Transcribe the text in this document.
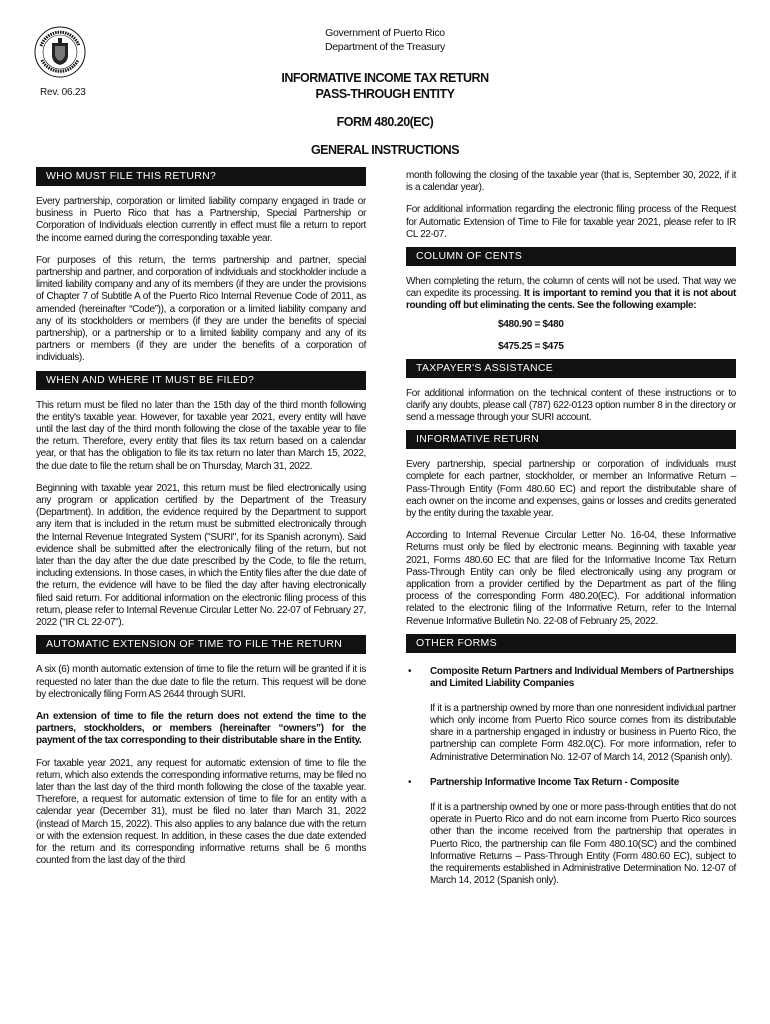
Rev. 06.23
Government of Puerto Rico
Department of the Treasury
INFORMATIVE INCOME TAX RETURN
PASS-THROUGH ENTITY
FORM 480.20(EC)
GENERAL INSTRUCTIONS
WHO MUST FILE THIS RETURN?

Every partnership, corporation or limited liability company engaged in trade or business in Puerto Rico that has a Partnership, Special Partnership or Corporation of Individuals election currently in effect must file a return to report the income earned during the corresponding taxable year.

For purposes of this return, the terms partnership and partner, special partnership and partner, and corporation of individuals and stockholder include a limited liability company and any of its members (if they are under the provisions of Chapter 7 of Subtitle A of the Puerto Rico Internal Revenue Code of 2011, as amended (hereinafter “Code”)), a corporation or a limited liability company and any of its stockholders or members (if they are under the benefits of special partnership), or a partnership or to a limited liability company and any of its partners or members (if they are under the benefits of a corporation of individuals).

WHEN AND WHERE IT MUST BE FILED?

This return must be filed no later than the 15th day of the third month following the entity's taxable year. However, for taxable year 2021, every entity will have until the last day of the third month following the close of the taxable year to file the return. Therefore, every entity that files its tax return based on a calendar year, or that has the obligation to file its tax return no later than March 15, 2022, the due date to file the return shall be on Thursday, March 31, 2022.

Beginning with taxable year 2021, this return must be filed electronically using any program or application certified by the Department of the Treasury (Department). In addition, the evidence required by the Department to support any item that is included in the return must be submitted electronically through the Internal Revenue Integrated System ("SURI", for its Spanish acronym). Said evidence shall be submitted after the electronically filing of the return, but not later than the day after the due date prescribed by the Code, to file the return, including extensions. In those cases, in which the Entity files after the due date of the return, the evidence will have to be filed the day after having electronically filed said return. For additional information on the electronic filing process of this return, please refer to Internal Revenue Circular Letter No. 22-07 of February 27, 2022 ("IR CL 22-07").

AUTOMATIC EXTENSION OF TIME TO FILE THE RETURN

A six (6) month automatic extension of time to file the return will be granted if it is requested no later than the due date to file the return. This request will be done by electronically filing Form AS 2644 through SURI.

An extension of time to file the return does not extend the time to the partners, stockholders, or members (hereinafter “owners”) for the payment of the tax corresponding to their distributable share in the Entity.

For taxable year 2021, any request for automatic extension of time to file the return, which also extends the corresponding informative returns, may be filed no later than the last day of the third month following the close of the taxable year. Therefore, a request for automatic extension of time to file for an entity with a calendar year (December 31), must be filed no later than March 31, 2022 (instead of March 15, 2022). This also applies to any balance due with the return or with the extension request. In addition, in these cases the due date extended for the return and its corresponding informative returns shall be 6 months counted from the last day of the third

month following the closing of the taxable year (that is, September 30, 2022, if it is a calendar year).

For additional information regarding the electronic filing process of the Request for Automatic Extension of Time to File for taxable year 2021, please refer to IR CL 22-07.

COLUMN OF CENTS

When completing the return, the column of cents will not be used. That way we can expedite its processing. It is important to remind you that it is not about rounding off but eliminating the cents. See the following example:

$480.90 = $480
$475.25 = $475
TAXPAYER'S ASSISTANCE

For additional information on the technical content of these instructions or to clarify any doubts, please call (787) 622-0123 option number 8 in the directory or send a message through your SURI account.

INFORMATIVE RETURN

Every partnership, special partnership or corporation of individuals must complete for each partner, stockholder, or member an Informative Return – Pass-Through Entity (Form 480.60 EC) and report the distributable share of each owner on the income and expenses, gains or losses and credits generated by the entity during the taxable year.

According to Internal Revenue Circular Letter No. 16-04, these Informative Returns must only be filed by electronic means. Beginning with taxable year 2021, Forms 480.60 EC that are filed for the Informative Income Tax Return Pass-Through Entity can only be filed electronically using any program or application from a provider certified by the Department as part of the filing process of the corresponding Form 480.20(EC). For additional information related to the electronic filing of the Informative Return, refer to the Internal Revenue Informative Bulletin No. 22-08 of February 25, 2022.

OTHER FORMS
• Composite Return Partners and Individual Members of Partnerships and Limited Liability Companies

If it is a partnership owned by more than one nonresident individual partner which only income from Puerto Rico source comes from its distributable share in a partnership engaged in industry or business in Puerto Rico, the partnership can complete Form 482.0(C). For more information, refer to Administrative Determination No. 12-07 of March 14, 2012 (Spanish only).

• Partnership Informative Income Tax Return - Composite

If it is a partnership owned by one or more pass-through entities that do not operate in Puerto Rico and do not earn income from Puerto Rico sources other than the income received from the partnership that operates in Puerto Rico, the partnership can file Form 480.10(SC) and the combined Informative Returns – Pass-Through Entity (Form 480.60 EC), subject to the requirements established in Administrative Determination No. 12-07 of March 14, 2012 (Spanish only).
